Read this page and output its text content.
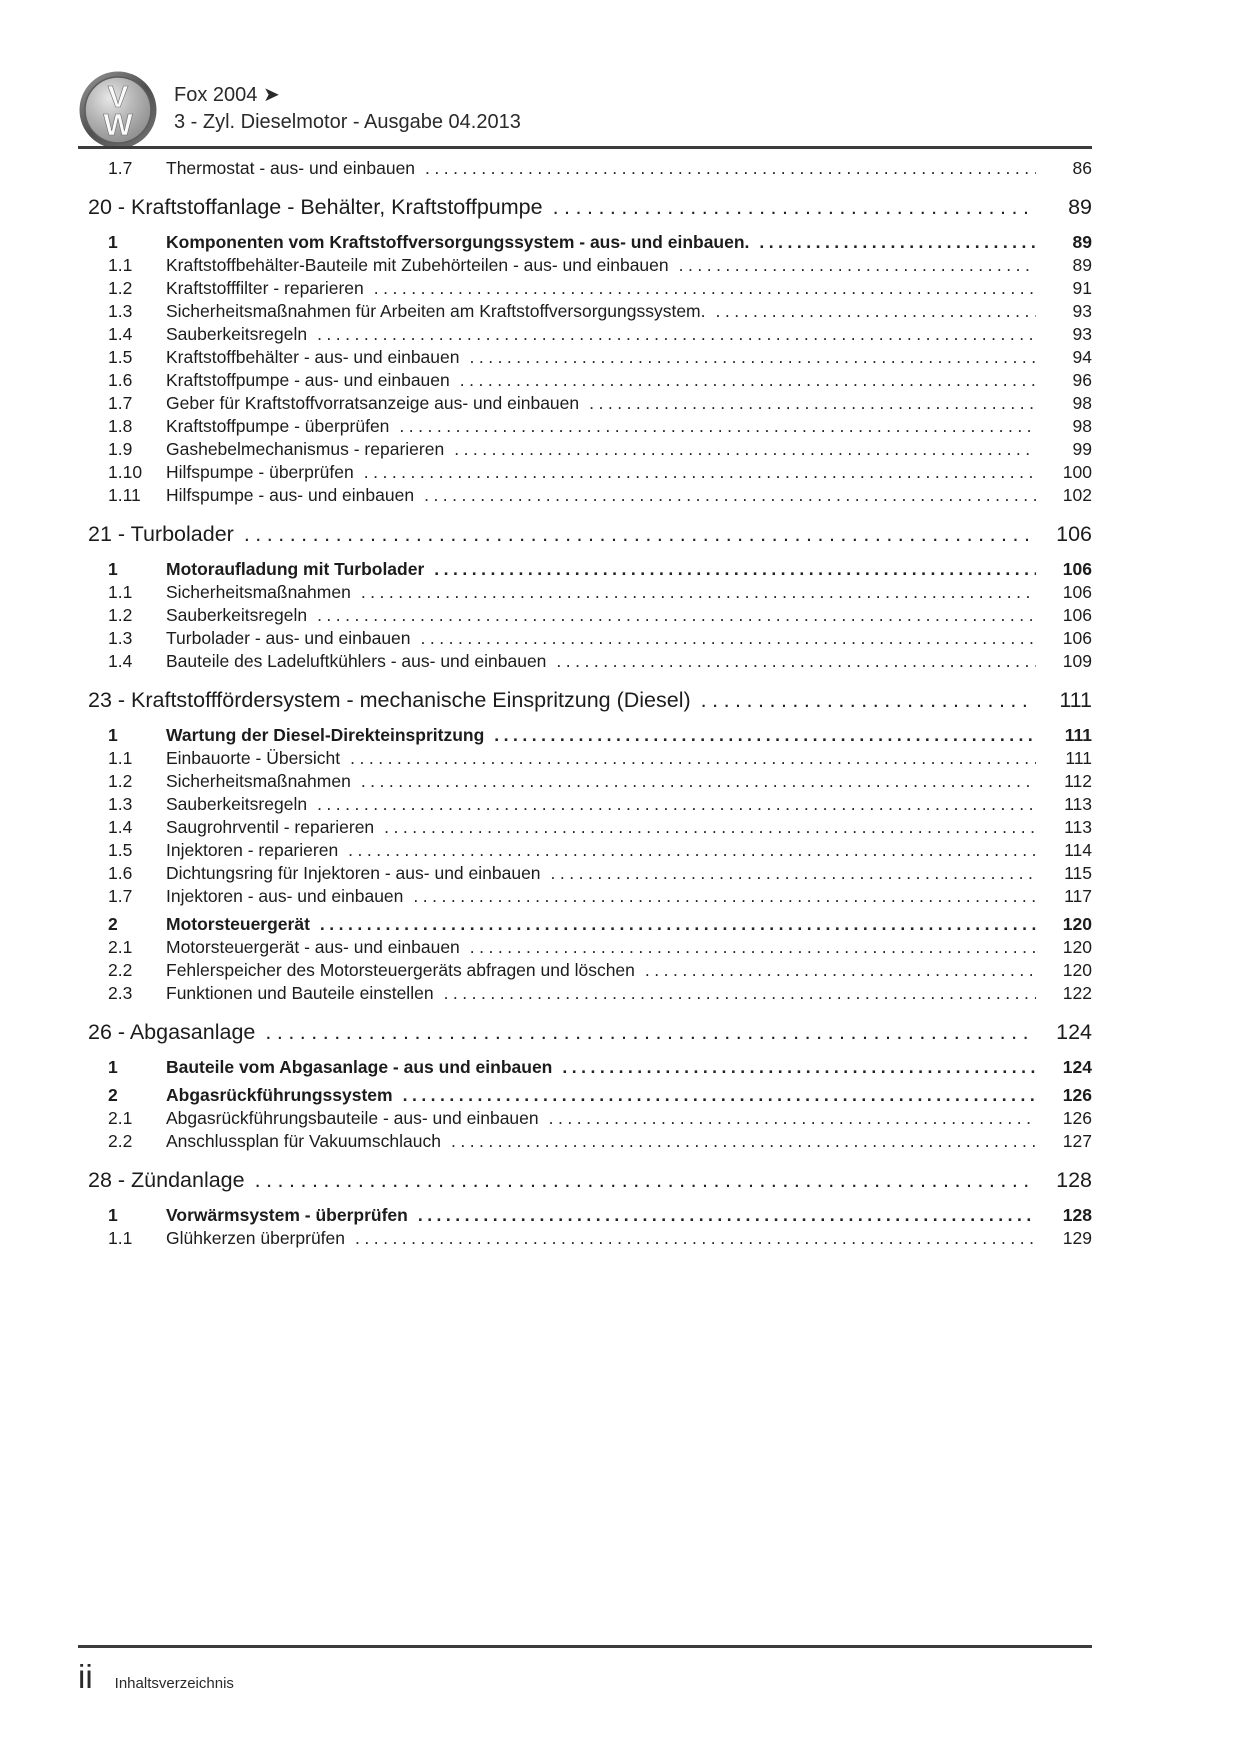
V
W
Fox 2004 ➤
3 - Zyl. Dieselmotor - Ausgabe 04.2013
1.7	Thermostat - aus- und einbauen .....	86
20 - Kraftstoffanlage - Behälter, Kraftstoffpumpe .....	89
1	Komponenten vom Kraftstoffversorgungssystem - aus- und einbauen. .....	89
1.1	Kraftstoffbehälter-Bauteile mit Zubehörteilen - aus- und einbauen .....	89
1.2	Kraftstofffilter - reparieren .....	91
1.3	Sicherheitsmaßnahmen für Arbeiten am Kraftstoffversorgungssystem. .....	93
1.4	Sauberkeitsregeln .....	93
1.5	Kraftstoffbehälter - aus- und einbauen .....	94
1.6	Kraftstoffpumpe - aus- und einbauen .....	96
1.7	Geber für Kraftstoffvorratsanzeige aus- und einbauen .....	98
1.8	Kraftstoffpumpe - überprüfen .....	98
1.9	Gashebelmechanismus - reparieren .....	99
1.10	Hilfspumpe - überprüfen .....	100
1.11	Hilfspumpe - aus- und einbauen .....	102
21 - Turbolader .....	106
1	Motoraufladung mit Turbolader .....	106
1.1	Sicherheitsmaßnahmen .....	106
1.2	Sauberkeitsregeln .....	106
1.3	Turbolader - aus- und einbauen .....	106
1.4	Bauteile des Ladeluftkühlers - aus- und einbauen .....	109
23 - Kraftstofffördersystem - mechanische Einspritzung (Diesel) .....	111
1	Wartung der Diesel-Direkteinspritzung .....	111
1.1	Einbauorte - Übersicht .....	111
1.2	Sicherheitsmaßnahmen .....	112
1.3	Sauberkeitsregeln .....	113
1.4	Saugrohrventil - reparieren .....	113
1.5	Injektoren - reparieren .....	114
1.6	Dichtungsring für Injektoren - aus- und einbauen .....	115
1.7	Injektoren - aus- und einbauen .....	117
2	Motorsteuergerät .....	120
2.1	Motorsteuergerät - aus- und einbauen .....	120
2.2	Fehlerspeicher des Motorsteuergeräts abfragen und löschen .....	120
2.3	Funktionen und Bauteile einstellen .....	122
26 - Abgasanlage .....	124
1	Bauteile vom Abgasanlage - aus und einbauen .....	124
2	Abgasrückführungssystem .....	126
2.1	Abgasrückführungsbauteile - aus- und einbauen .....	126
2.2	Anschlussplan für Vakuumschlauch .....	127
28 - Zündanlage .....	128
1	Vorwärmsystem - überprüfen .....	128
1.1	Glühkerzen überprüfen .....	129
ii Inhaltsverzeichnis
